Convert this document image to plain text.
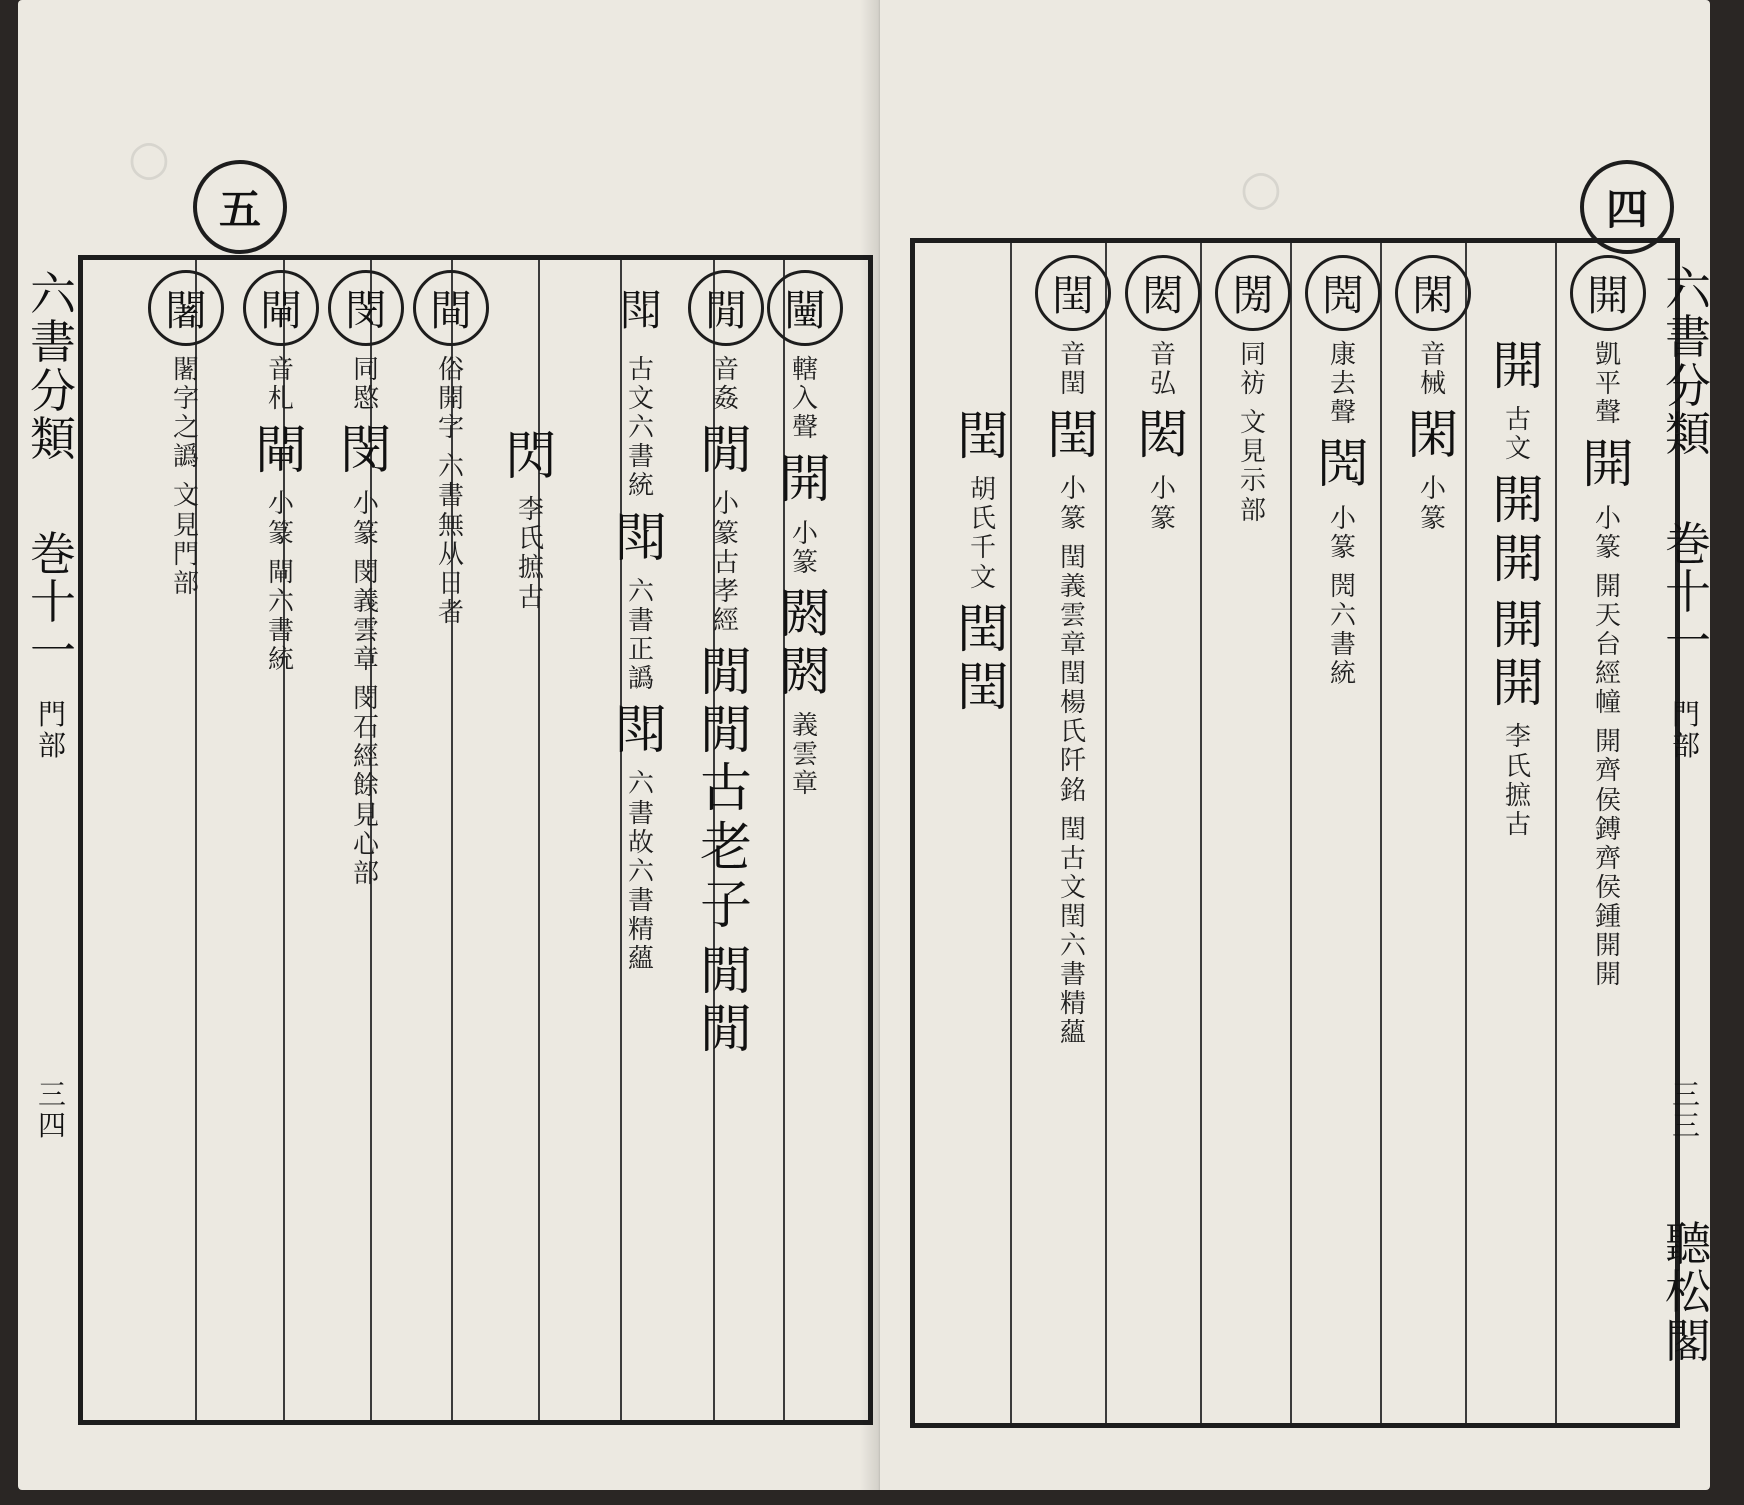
○
五
六書分類
巻十一
門部
三四
闉
轄入聲
開
小篆
閼閼
義雲章
閒
音姦
閒
小篆 古孝經
閒閒 古老子
閒閒
閗
古文 六書統
閗
六書正譌
閗
六書故 六書精蘊
閃
李氏 摭古
間
俗開字
六書無从日者
閔
同愍
閔
小篆
閔 義雲章
閔 石經 餘見心部
閘
音札
閘
小篆
閘 六書統
闍
闍字之譌
文見門部
○	四
六書分類
巻十一
門部
三三
聽松閣
開
凱平聲
開
小篆
開 天台經幢
開 齊侯鎛 齊侯鍾 開開
開
古文
開開
開開
李氏摭古
閑
音械
閑
小篆
閌
康去聲
閌
小篆
閌 六書統
閍
同祊
文見示部
閎
音弘
閎
小篆
閏
音閏
閏
小篆
閏 義雲章 閏 楊氏阡銘
閏 古文 閏 六書精蘊
閏
胡氏千文
閏閏
